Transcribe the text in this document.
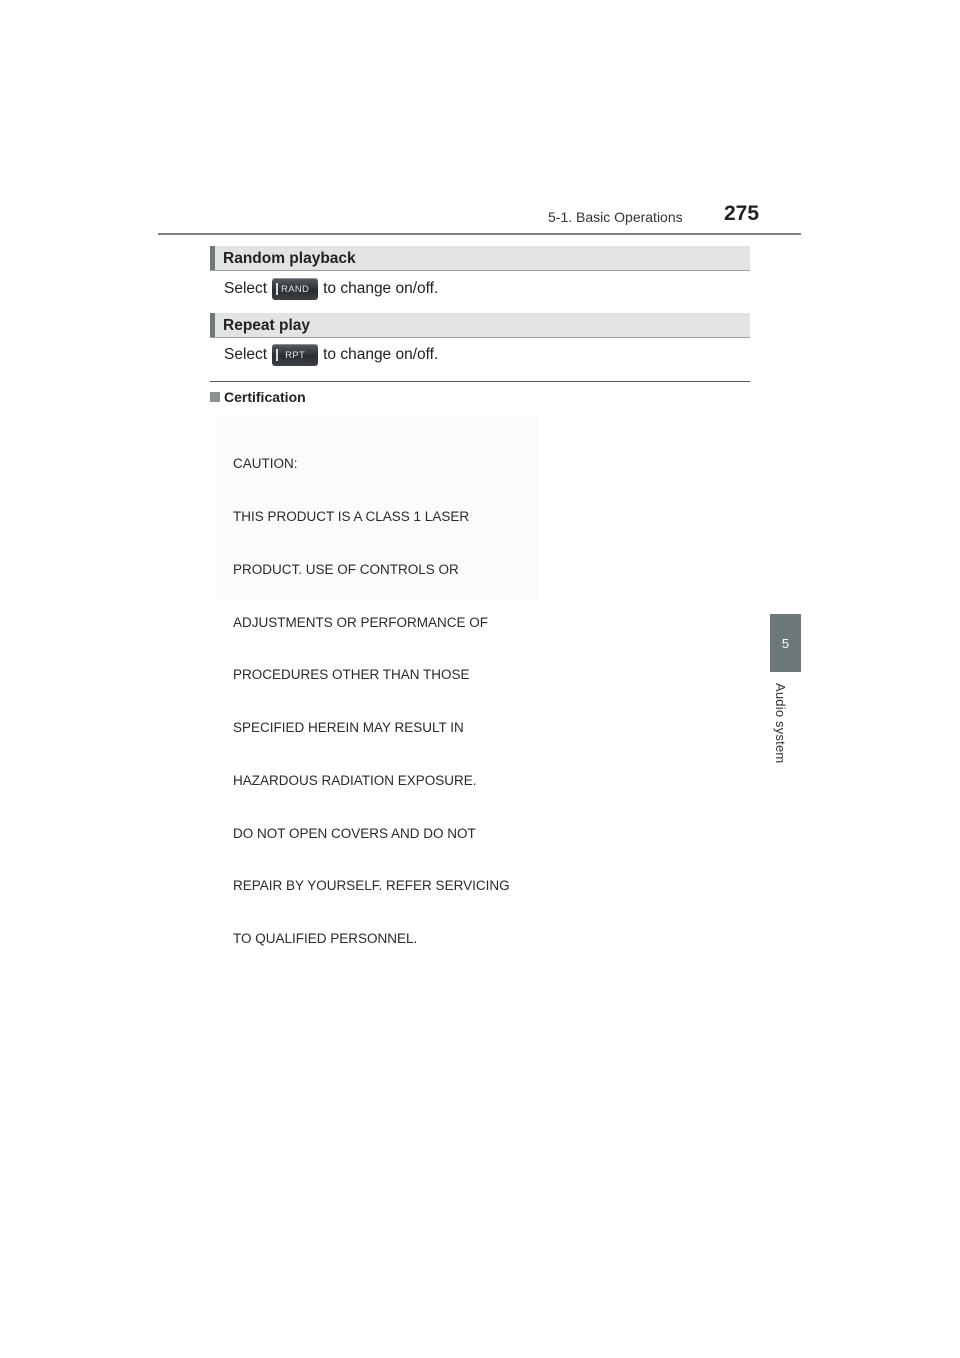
5-1. Basic Operations 275
5
Audio system
Random playback
Select RAND to change on/off.
Repeat play
Select RPT to change on/off.
Certification

CAUTION:

THIS PRODUCT IS A CLASS 1 LASER

PRODUCT. USE OF CONTROLS OR

ADJUSTMENTS OR PERFORMANCE OF

PROCEDURES OTHER THAN THOSE

SPECIFIED HEREIN MAY RESULT IN

HAZARDOUS RADIATION EXPOSURE.

DO NOT OPEN COVERS AND DO NOT

REPAIR BY YOURSELF. REFER SERVICING

TO QUALIFIED PERSONNEL.
